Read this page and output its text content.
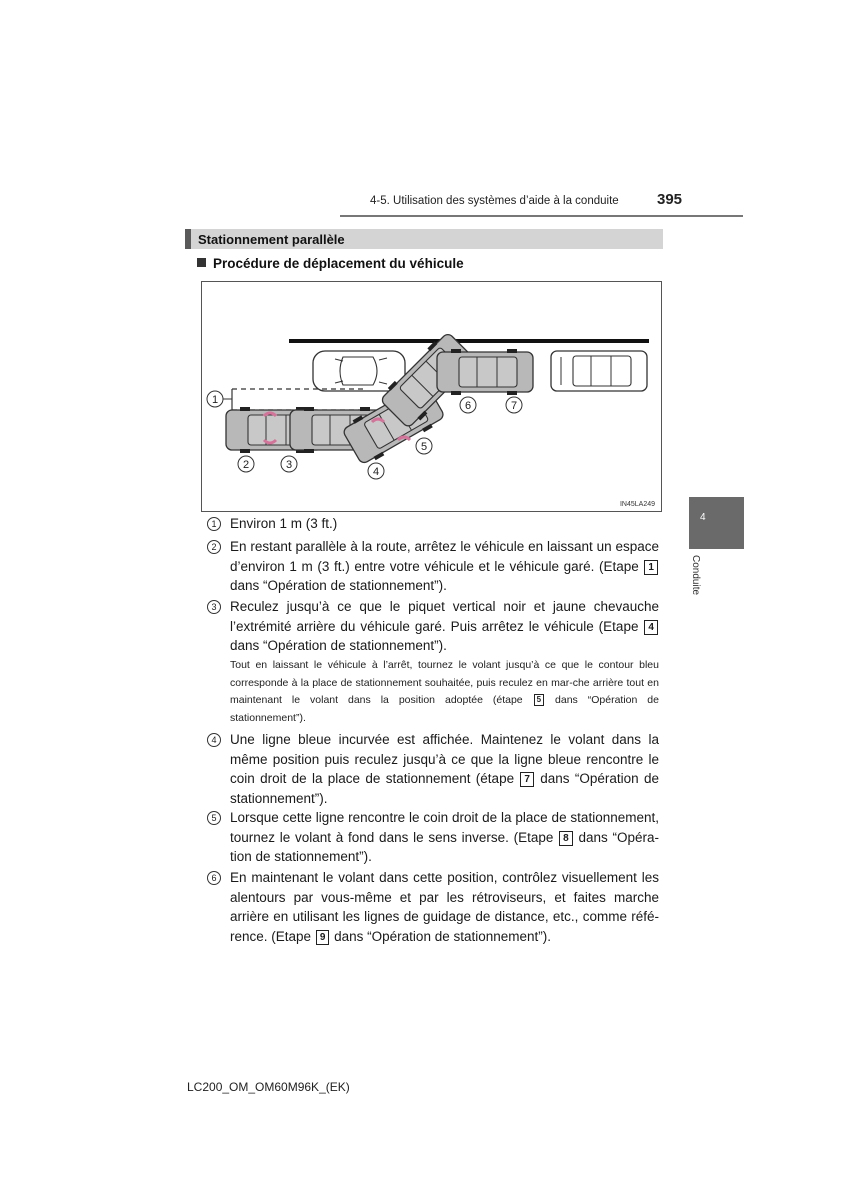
4-5. Utilisation des systèmes d’aide à la conduite	395
Stationnement parallèle
Procédure de déplacement du véhicule
1
2	3
4
5
6	7
IN45LA249
1	Environ 1 m (3 ft.)
2	En restant parallèle à la route, arrêtez le véhicule en laissant un espace d’environ 1 m (3 ft.) entre votre véhicule et le véhicule garé. (Etape 1 dans “Opération de stationnement”).
3	Reculez jusqu’à ce que le piquet vertical noir et jaune chevauche l’extrémité arrière du véhicule garé. Puis arrêtez le véhicule (Etape 4 dans “Opération de stationnement”).
Tout en laissant le véhicule à l’arrêt, tournez le volant jusqu’à ce que le contour bleu corresponde à la place de stationnement souhaitée, puis reculez en mar-che arrière tout en maintenant le volant dans la position adoptée (étape 5 dans “Opération de stationnement”).
4	Une ligne bleue incurvée est affichée. Maintenez le volant dans la même position puis reculez jusqu’à ce que la ligne bleue rencontre le coin droit de la place de stationnement (étape 7 dans “Opération de stationnement”).
5	Lorsque cette ligne rencontre le coin droit de la place de stationnement, tournez le volant à fond dans le sens inverse. (Etape 8 dans “Opéra-tion de stationnement”).
6	En maintenant le volant dans cette position, contrôlez visuellement les alentours par vous-même et par les rétroviseurs, et faites marche arrière en utilisant les lignes de guidage de distance, etc., comme réfé-rence. (Etape 9 dans “Opération de stationnement”).
4
Conduite
LC200_OM_OM60M96K_(EK)
